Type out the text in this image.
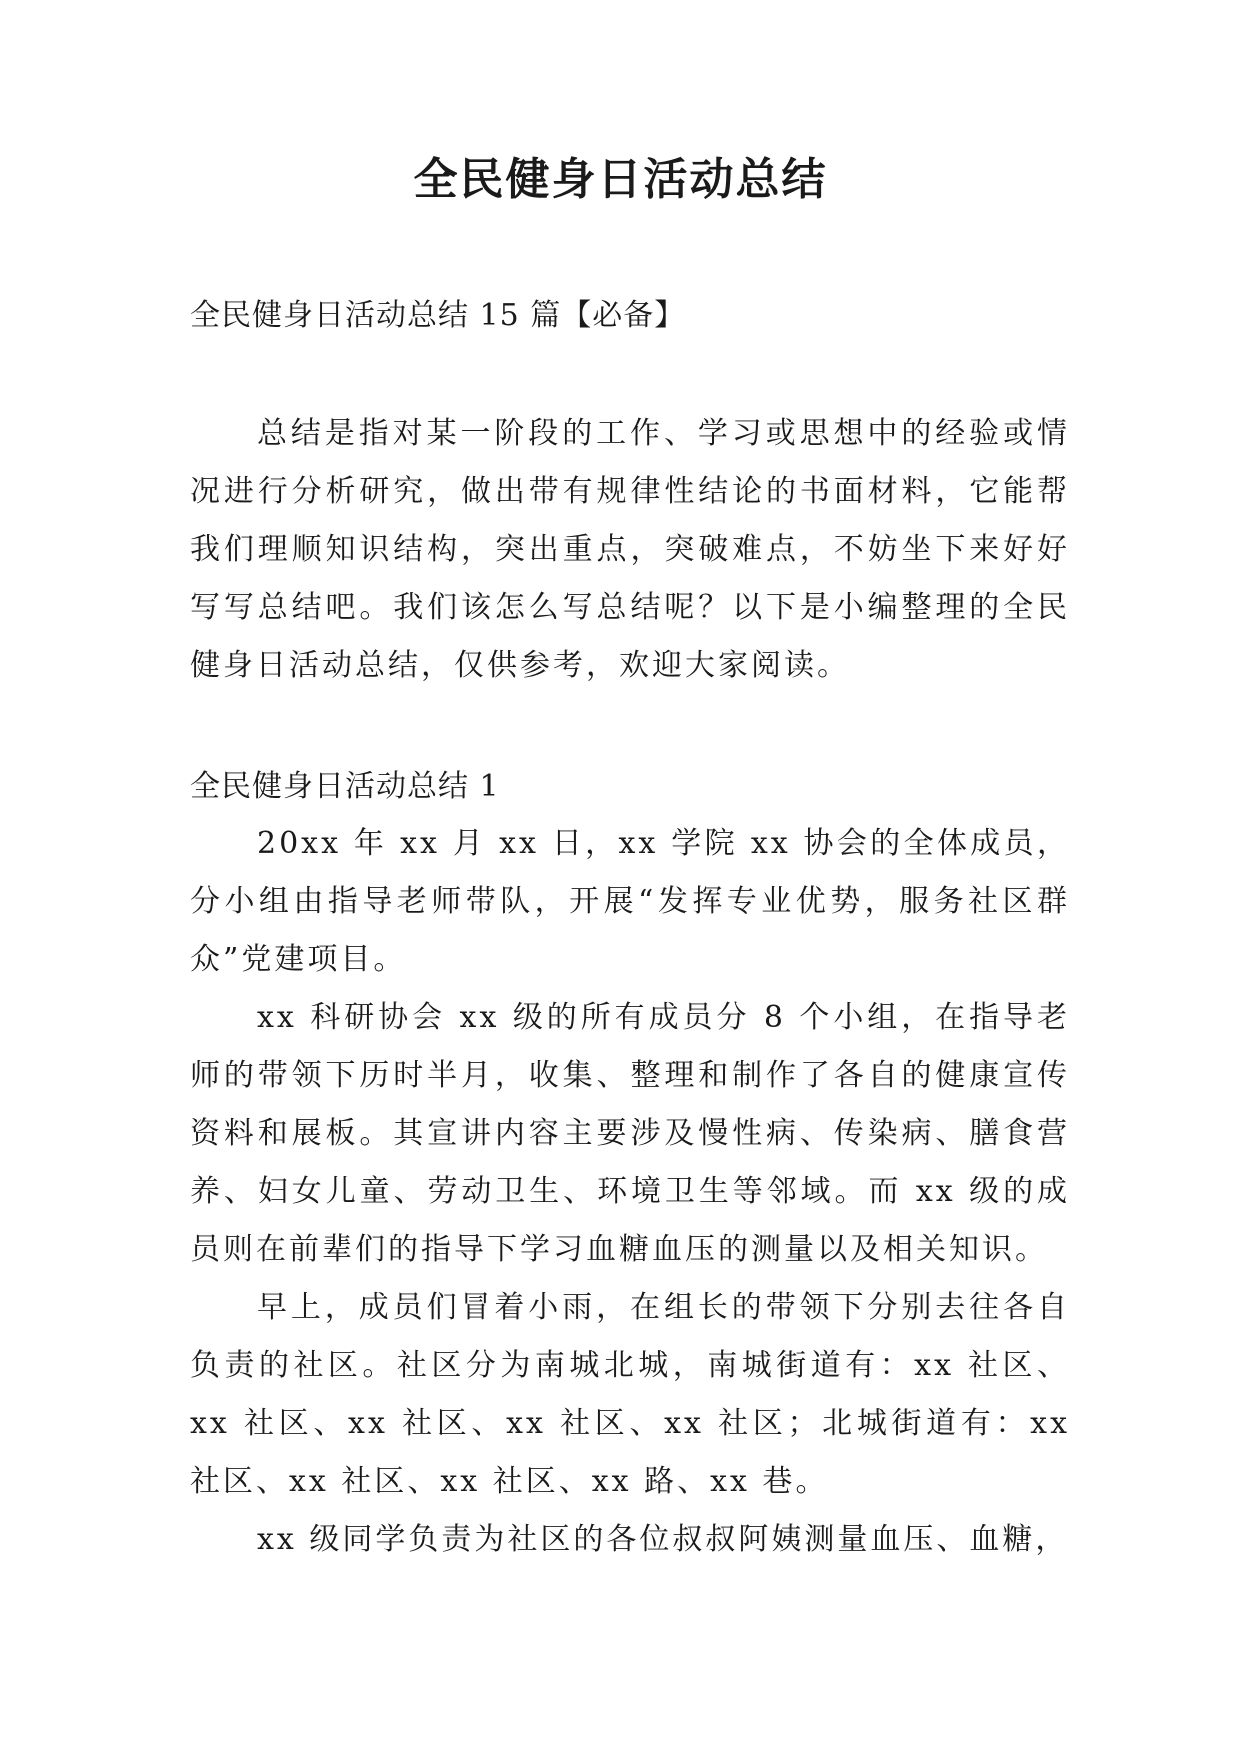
全民健身日活动总结

全民健身日活动总结 15 篇【必备】

总结是指对某一阶段的工作、学习或思想中的经验或情况进行分析研究，做出带有规律性结论的书面材料，它能帮我们理顺知识结构，突出重点，突破难点，不妨坐下来好好写写总结吧。我们该怎么写总结呢？以下是小编整理的全民健身日活动总结，仅供参考，欢迎大家阅读。

全民健身日活动总结 1

20xx 年 xx 月 xx 日，xx 学院 xx 协会的全体成员，分小组由指导老师带队，开展“发挥专业优势，服务社区群众”党建项目。

xx 科研协会 xx 级的所有成员分 8 个小组，在指导老师的带领下历时半月，收集、整理和制作了各自的健康宣传资料和展板。其宣讲内容主要涉及慢性病、传染病、膳食营养、妇女儿童、劳动卫生、环境卫生等邻域。而 xx 级的成员则在前辈们的指导下学习血糖血压的测量以及相关知识。

早上，成员们冒着小雨，在组长的带领下分别去往各自负责的社区。社区分为南城北城，南城街道有：xx 社区、xx 社区、xx 社区、xx 社区、xx 社区；北城街道有：xx 社区、xx 社区、xx 社区、xx 路、xx 巷。

xx 级同学负责为社区的各位叔叔阿姨测量血压、血糖，
